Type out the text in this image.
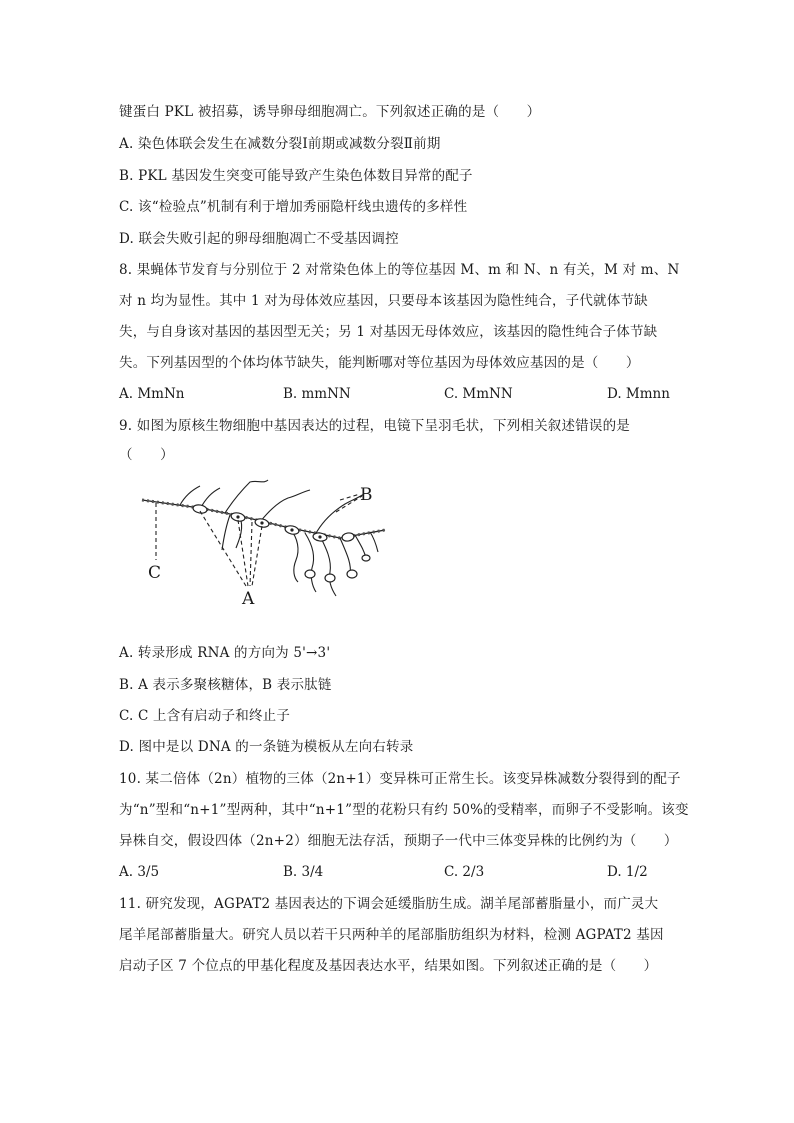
键蛋白 PKL 被招募，诱导卵母细胞凋亡。下列叙述正确的是（　　）
A. 染色体联会发生在减数分裂Ⅰ前期或减数分裂Ⅱ前期
B. PKL 基因发生突变可能导致产生染色体数目异常的配子
C. 该“检验点”机制有利于增加秀丽隐杆线虫遗传的多样性
D. 联会失败引起的卵母细胞凋亡不受基因调控
8. 果蝇体节发育与分别位于 2 对常染色体上的等位基因 M、m 和 N、n 有关，M 对 m、N
对 n 均为显性。其中 1 对为母体效应基因，只要母本该基因为隐性纯合，子代就体节缺
失，与自身该对基因的基因型无关；另 1 对基因无母体效应，该基因的隐性纯合子体节缺
失。下列基因型的个体均体节缺失，能判断哪对等位基因为母体效应基因的是（　　）
A. MmNn	B. mmNN	C. MmNN	D. Mmnn
9. 如图为原核生物细胞中基因表达的过程，电镜下呈羽毛状，下列相关叙述错误的是
（　　）
C
A
B
A. 转录形成 RNA 的方向为 5'→3'
B. A 表示多聚核糖体，B 表示肽链
C. C 上含有启动子和终止子
D. 图中是以 DNA 的一条链为模板从左向右转录
10. 某二倍体（2n）植物的三体（2n+1）变异株可正常生长。该变异株减数分裂得到的配子
为“n”型和“n+1”型两种，其中“n+1”型的花粉只有约 50%的受精率，而卵子不受影响。该变
异株自交，假设四体（2n+2）细胞无法存活，预期子一代中三体变异株的比例约为（　　）
A. 3/5	B. 3/4	C. 2/3	D. 1/2
11. 研究发现，AGPAT2 基因表达的下调会延缓脂肪生成。湖羊尾部蓄脂量小，而广灵大
尾羊尾部蓄脂量大。研究人员以若干只两种羊的尾部脂肪组织为材料，检测 AGPAT2 基因
启动子区 7 个位点的甲基化程度及基因表达水平，结果如图。下列叙述正确的是（　　）
